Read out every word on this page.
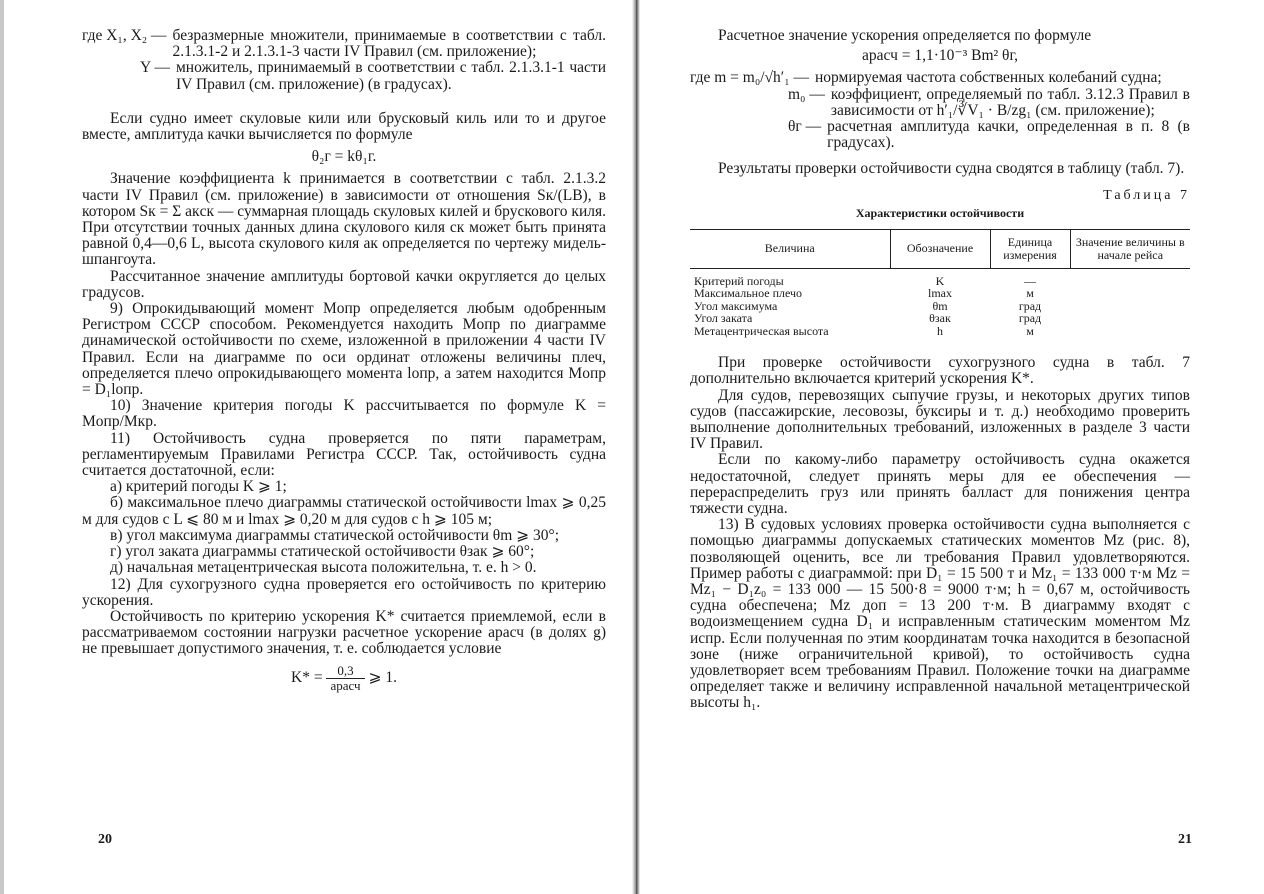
где X₁, X₂ — безразмерные множители, принимаемые в соответствии с табл. 2.1.3.1-2 и 2.1.3.1-3 части IV Правил (см. приложение);
Y — множитель, принимаемый в соответствии с табл. 2.1.3.1-1 части IV Правил (см. приложение) (в градусах).

Если судно имеет скуловые кили или брусковый киль или то и другое вместе, амплитуда качки вычисляется по формуле

θ₂г = kθ₁г.

Значение коэффициента k принимается в соответствии с табл. 2.1.3.2 части IV Правил (см. приложение) в зависимости от отношения Sк/(LB), в котором Sк = Σ aкcк — суммарная площадь скуловых килей и брускового киля. При отсутствии точных данных длина скулового киля cк может быть принята равной 0,4—0,6 L, высота скулового киля aк определяется по чертежу мидель-шпангоута.

Рассчитанное значение амплитуды бортовой качки округляется до целых градусов.

9) Опрокидывающий момент Mопр определяется любым одобренным Регистром СССР способом. Рекомендуется находить Mопр по диаграмме динамической остойчивости по схеме, изложенной в приложении 4 части IV Правил. Если на диаграмме по оси ординат отложены величины плеч, определяется плечо опрокидывающего момента lопр, а затем находится Mопр = D₁lопр.

10) Значение критерия погоды K рассчитывается по формуле K = Mопр/Mкр.

11) Остойчивость судна проверяется по пяти параметрам, регламентируемым Правилами Регистра СССР. Так, остойчивость судна считается достаточной, если:

а) критерий погоды K ⩾ 1;

б) максимальное плечо диаграммы статической остойчивости lmax ⩾ 0,25 м для судов с L ⩽ 80 м и lmax ⩾ 0,20 м для судов с h ⩾ 105 м;

в) угол максимума диаграммы статической остойчивости θm ⩾ 30°;

г) угол заката диаграммы статической остойчивости θзак ⩾ 60°;

д) начальная метацентрическая высота положительна, т. е. h > 0.

12) Для сухогрузного судна проверяется его остойчивость по критерию ускорения.

Остойчивость по критерию ускорения K* считается приемлемой, если в рассматриваемом состоянии нагрузки расчетное ускорение aрасч (в долях g) не превышает допустимого значения, т. е. соблюдается условие

$K* = \frac{0,3}{\text{aрасч}}$ ⩾ 1.
20

Расчетное значение ускорения определяется по формуле

aрасч = 1,1·10⁻³ Bm² θг,

где m = m₀/√h′₁ — нормируемая частота собственных колебаний судна;
m₀ — коэффициент, определяемый по табл. 3.12.3 Правил в зависимости от h′₁/∛V₁ · B/zg₁ (см. приложение);
θг — расчетная амплитуда качки, определенная в п. 8 (в градусах).

Результаты проверки остойчивости судна сводятся в таблицу (табл. 7).

Таблица 7

Характеристики остойчивости

Величина	Обозначение	Единица измерения	Значение величины в начале рейса
Критерий погоды	K	—	
Максимальное плечо	lmax	м	
Угол максимума	θm	град	
Угол заката	θзак	град	
Метацентрическая высота	h	м	

При проверке остойчивости сухогрузного судна в табл. 7 дополнительно включается критерий ускорения K*.

Для судов, перевозящих сыпучие грузы, и некоторых других типов судов (пассажирские, лесовозы, буксиры и т. д.) необходимо проверить выполнение дополнительных требований, изложенных в разделе 3 части IV Правил.

Если по какому-либо параметру остойчивость судна окажется недостаточной, следует принять меры для ее обеспечения — перераспределить груз или принять балласт для понижения центра тяжести судна.

13) В судовых условиях проверка остойчивости судна выполняется с помощью диаграммы допускаемых статических моментов Mz (рис. 8), позволяющей оценить, все ли требования Правил удовлетворяются. Пример работы с диаграммой: при D₁ = 15 500 т и Mz₁ = 133 000 т·м Mz = Mz₁ − D₁z₀ = 133 000 — 15 500·8 = 9000 т·м; h = 0,67 м, остойчивость судна обеспечена; Mz доп = 13 200 т·м. В диаграмму входят с водоизмещением судна D₁ и исправленным статическим моментом Mz испр. Если полученная по этим координатам точка находится в безопасной зоне (ниже ограничительной кривой), то остойчивость судна удовлетворяет всем требованиям Правил. Положение точки на диаграмме определяет также и величину исправленной начальной метацентрической высоты h₁.

21
